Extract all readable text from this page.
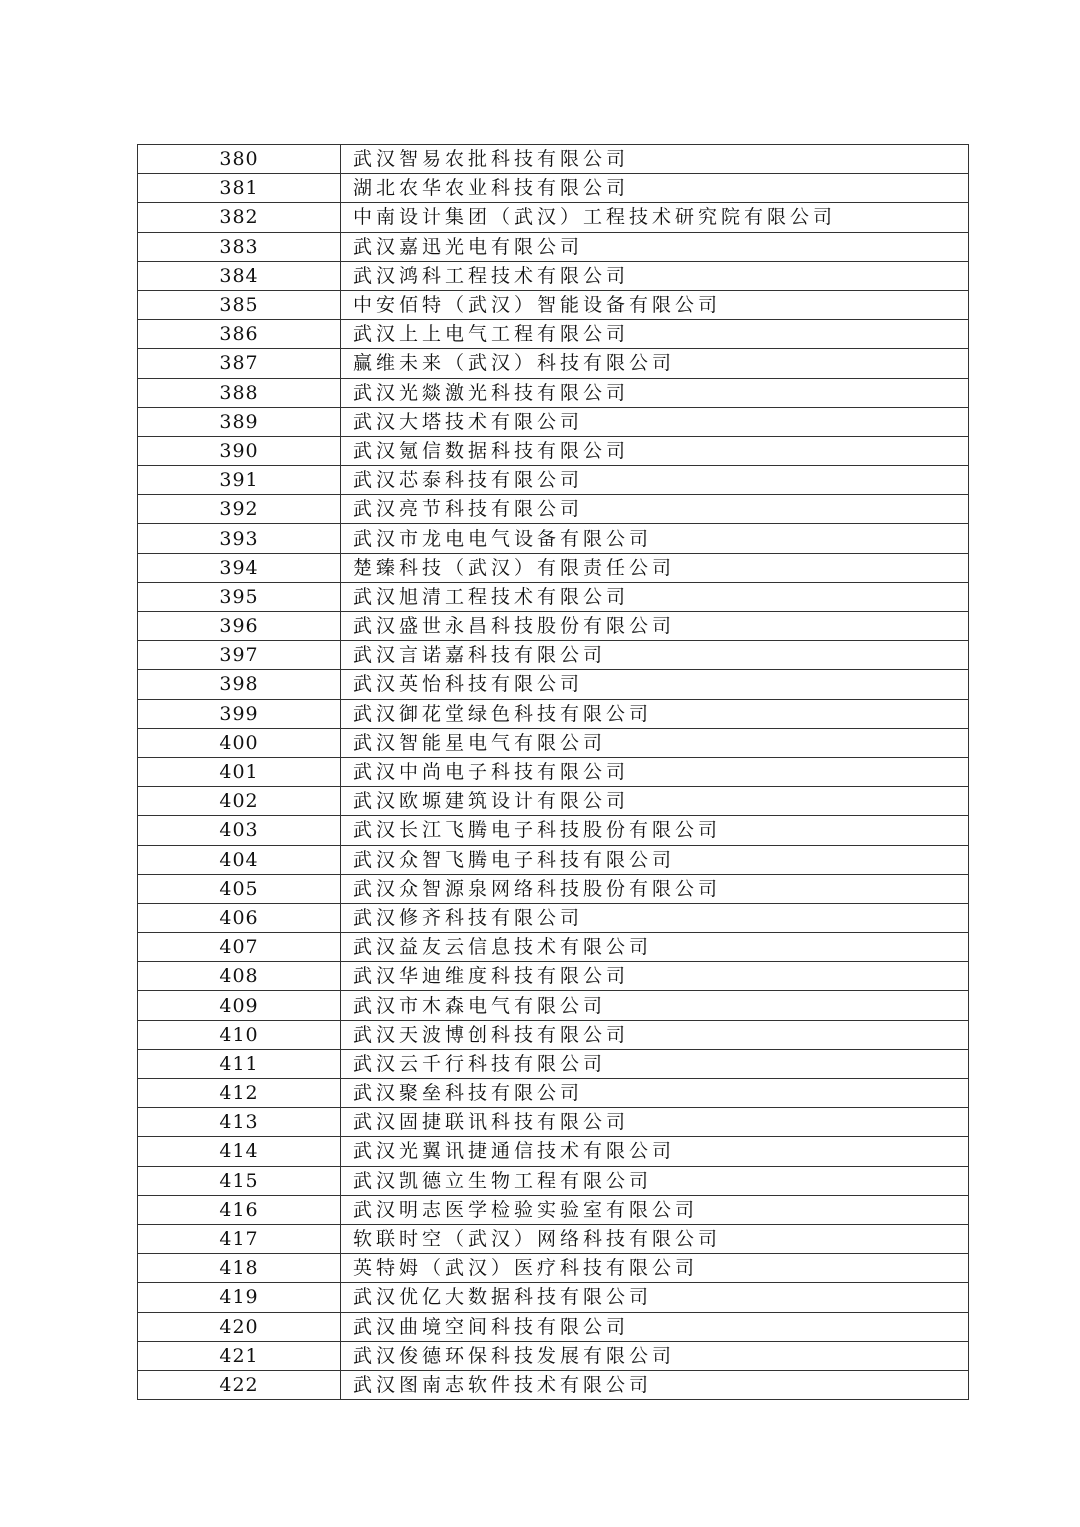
380	武汉智易农批科技有限公司
381	湖北农华农业科技有限公司
382	中南设计集团（武汉）工程技术研究院有限公司
383	武汉嘉迅光电有限公司
384	武汉鸿科工程技术有限公司
385	中安佰特（武汉）智能设备有限公司
386	武汉上上电气工程有限公司
387	赢维未来（武汉）科技有限公司
388	武汉光燚激光科技有限公司
389	武汉大塔技术有限公司
390	武汉氪信数据科技有限公司
391	武汉芯泰科技有限公司
392	武汉亮节科技有限公司
393	武汉市龙电电气设备有限公司
394	楚臻科技（武汉）有限责任公司
395	武汉旭清工程技术有限公司
396	武汉盛世永昌科技股份有限公司
397	武汉言诺嘉科技有限公司
398	武汉英怡科技有限公司
399	武汉御花堂绿色科技有限公司
400	武汉智能星电气有限公司
401	武汉中尚电子科技有限公司
402	武汉欧塬建筑设计有限公司
403	武汉长江飞腾电子科技股份有限公司
404	武汉众智飞腾电子科技有限公司
405	武汉众智源泉网络科技股份有限公司
406	武汉修齐科技有限公司
407	武汉益友云信息技术有限公司
408	武汉华迪维度科技有限公司
409	武汉市木森电气有限公司
410	武汉天波博创科技有限公司
411	武汉云千行科技有限公司
412	武汉聚垒科技有限公司
413	武汉固捷联讯科技有限公司
414	武汉光翼讯捷通信技术有限公司
415	武汉凯德立生物工程有限公司
416	武汉明志医学检验实验室有限公司
417	软联时空（武汉）网络科技有限公司
418	英特姆（武汉）医疗科技有限公司
419	武汉优亿大数据科技有限公司
420	武汉曲境空间科技有限公司
421	武汉俊德环保科技发展有限公司
422	武汉图南志软件技术有限公司
